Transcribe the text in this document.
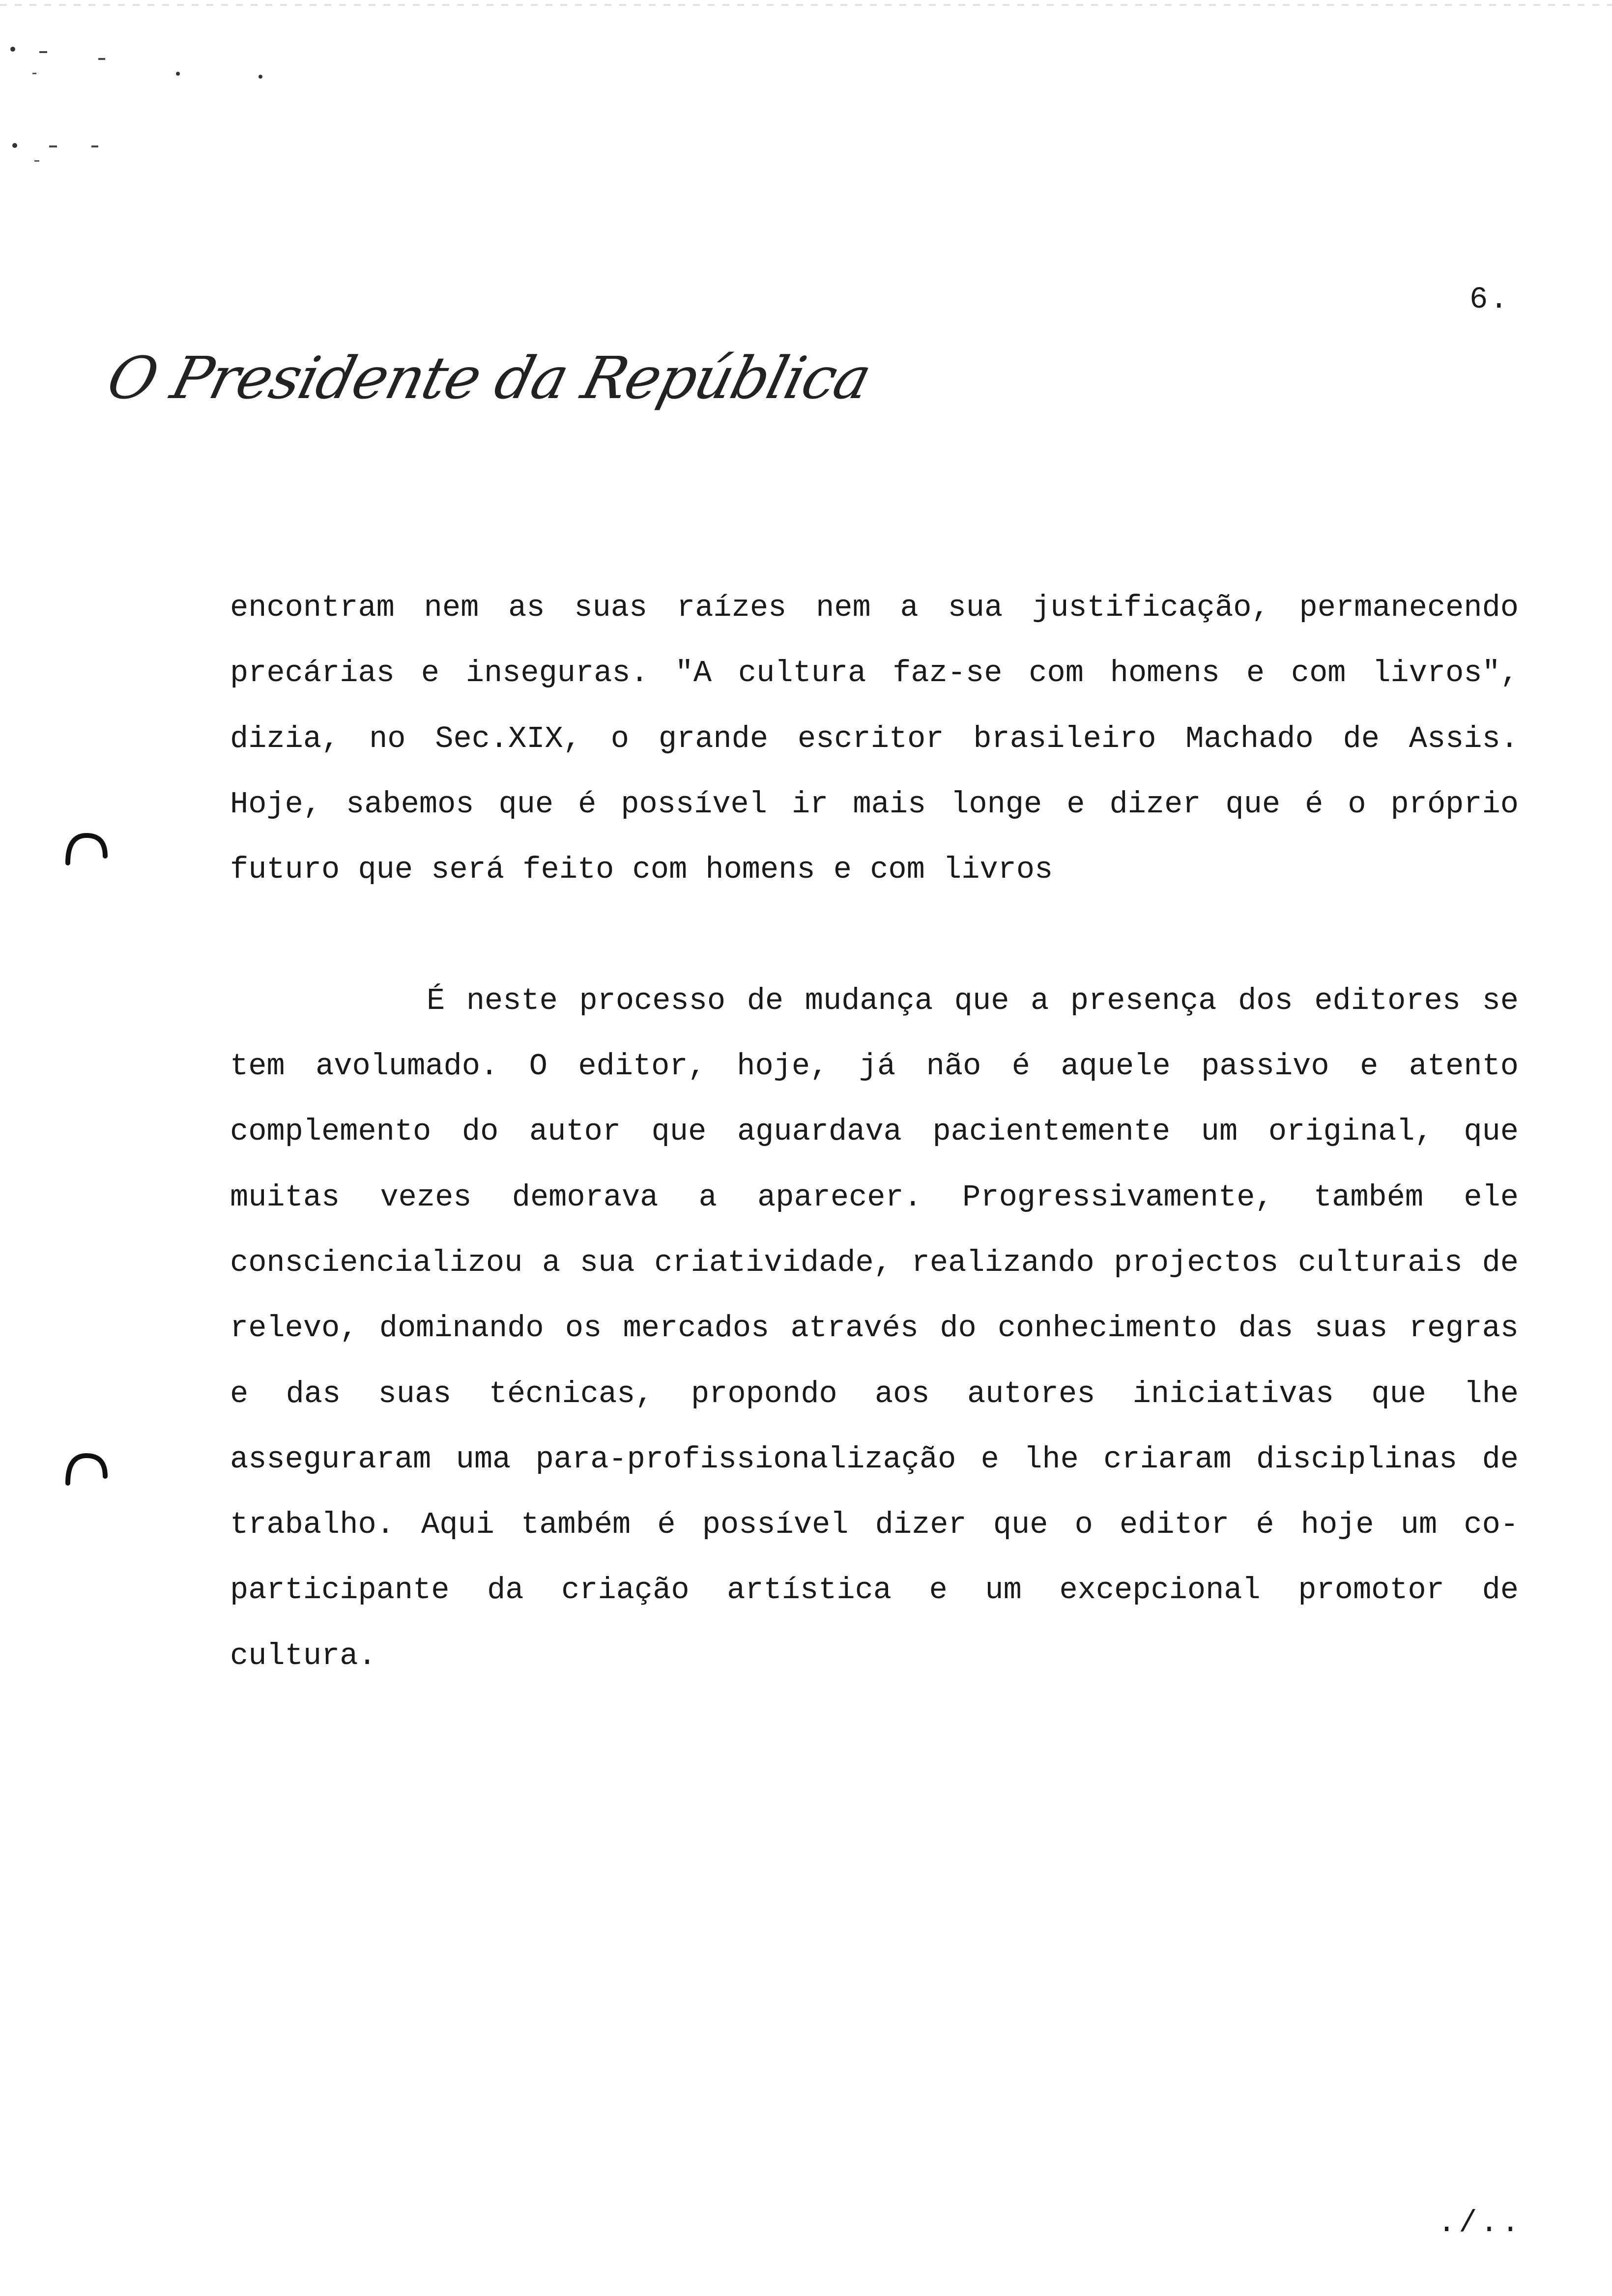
6.
O Presidente da República

encontram nem as suas raízes nem a sua justificação, permanecendo precárias e inseguras. "A cultura faz-se com homens e com livros", dizia, no Sec.XIX, o grande escritor brasileiro Machado de Assis. Hoje, sabemos que é possível ir mais longe e dizer que é o próprio futuro que será feito com homens e com livros

É neste processo de mudança que a presença dos editores se tem avolumado. O editor, hoje, já não é aquele passivo e atento complemento do autor que aguardava pacientemente um original, que muitas vezes demorava a aparecer. Progressivamente, também ele consciencializou a sua criatividade, realizando projectos culturais de relevo, dominando os mercados através do conhecimento das suas regras e das suas técnicas, propondo aos autores iniciativas que lhe asseguraram uma para-profissionalização e lhe criaram disciplinas de trabalho. Aqui também é possível dizer que o editor é hoje um co-participante da criação artística e um excepcional promotor de cultura.

./..
